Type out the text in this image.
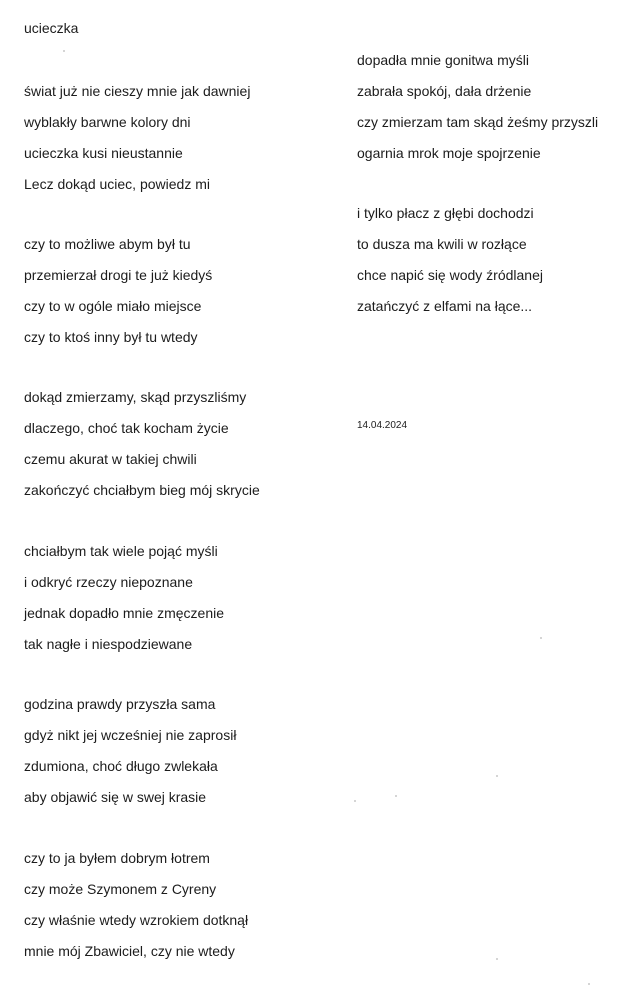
ucieczka
świat już nie cieszy mnie jak dawniej
wyblakły barwne kolory dni
ucieczka kusi nieustannie
Lecz dokąd uciec, powiedz mi
czy to możliwe abym był tu
przemierzał drogi te już kiedyś
czy to w ogóle miało miejsce
czy to ktoś inny był tu wtedy
dokąd zmierzamy, skąd przyszliśmy
dlaczego, choć tak kocham życie
czemu akurat w takiej chwili
zakończyć chciałbym bieg mój skrycie
chciałbym tak wiele pojąć myśli
i odkryć rzeczy niepoznane
jednak dopadło mnie zmęczenie
tak nagłe i niespodziewane
godzina prawdy przyszła sama
gdyż nikt jej wcześniej nie zaprosił
zdumiona, choć długo zwlekała
aby objawić się w swej krasie
czy to ja byłem dobrym łotrem
czy może Szymonem z Cyreny
czy właśnie wtedy wzrokiem dotknął
mnie mój Zbawiciel, czy nie wtedy
dopadła mnie gonitwa myśli
zabrała spokój, dała drżenie
czy zmierzam tam skąd żeśmy przyszli
ogarnia mrok moje spojrzenie
i tylko płacz z głębi dochodzi
to dusza ma kwili w rozłące
chce napić się wody źródlanej
zatańczyć z elfami na łące...
14.04.2024
